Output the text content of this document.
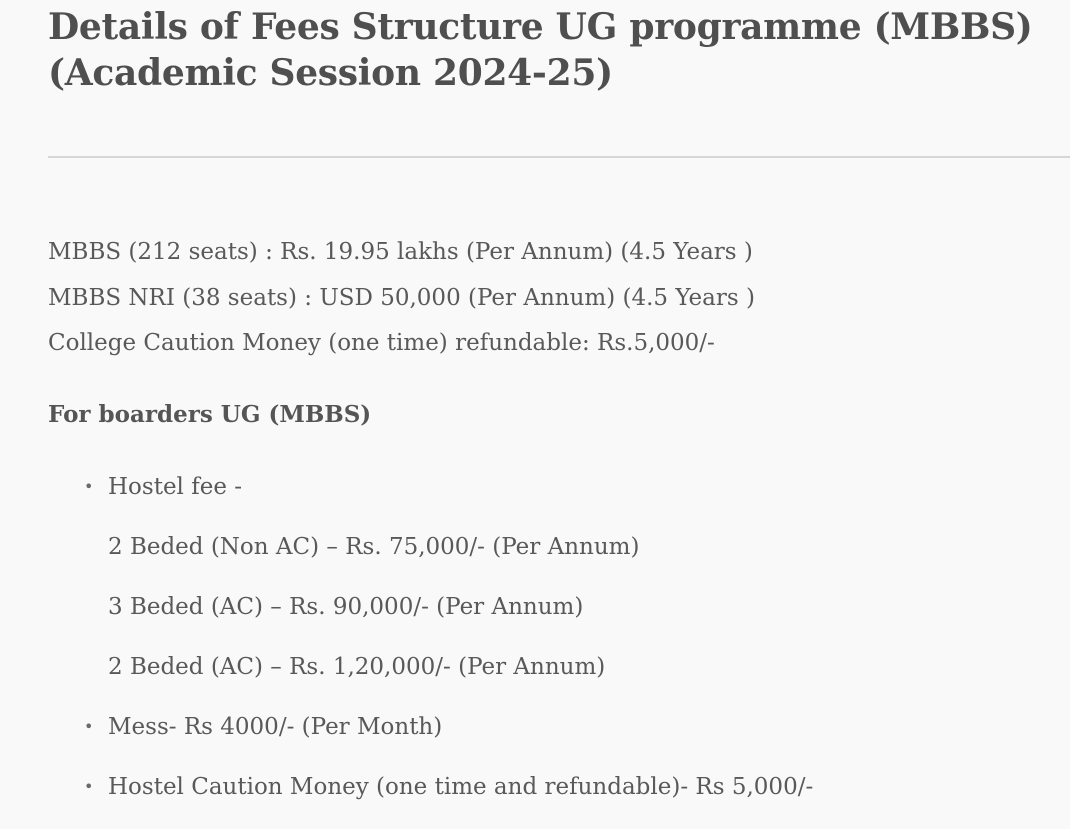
Details of Fees Structure UG programme (MBBS)
(Academic Session 2024-25)
MBBS (212 seats) : Rs. 19.95 lakhs (Per Annum) (4.5 Years )
MBBS NRI (38 seats) : USD 50,000 (Per Annum) (4.5 Years )
College Caution Money (one time) refundable: Rs.5,000/-
For boarders UG (MBBS)
• Hostel fee -
2 Beded (Non AC) – Rs. 75,000/- (Per Annum)
3 Beded (AC) – Rs. 90,000/- (Per Annum)
2 Beded (AC) – Rs. 1,20,000/- (Per Annum)
• Mess- Rs 4000/- (Per Month)
• Hostel Caution Money (one time and refundable)- Rs 5,000/-
